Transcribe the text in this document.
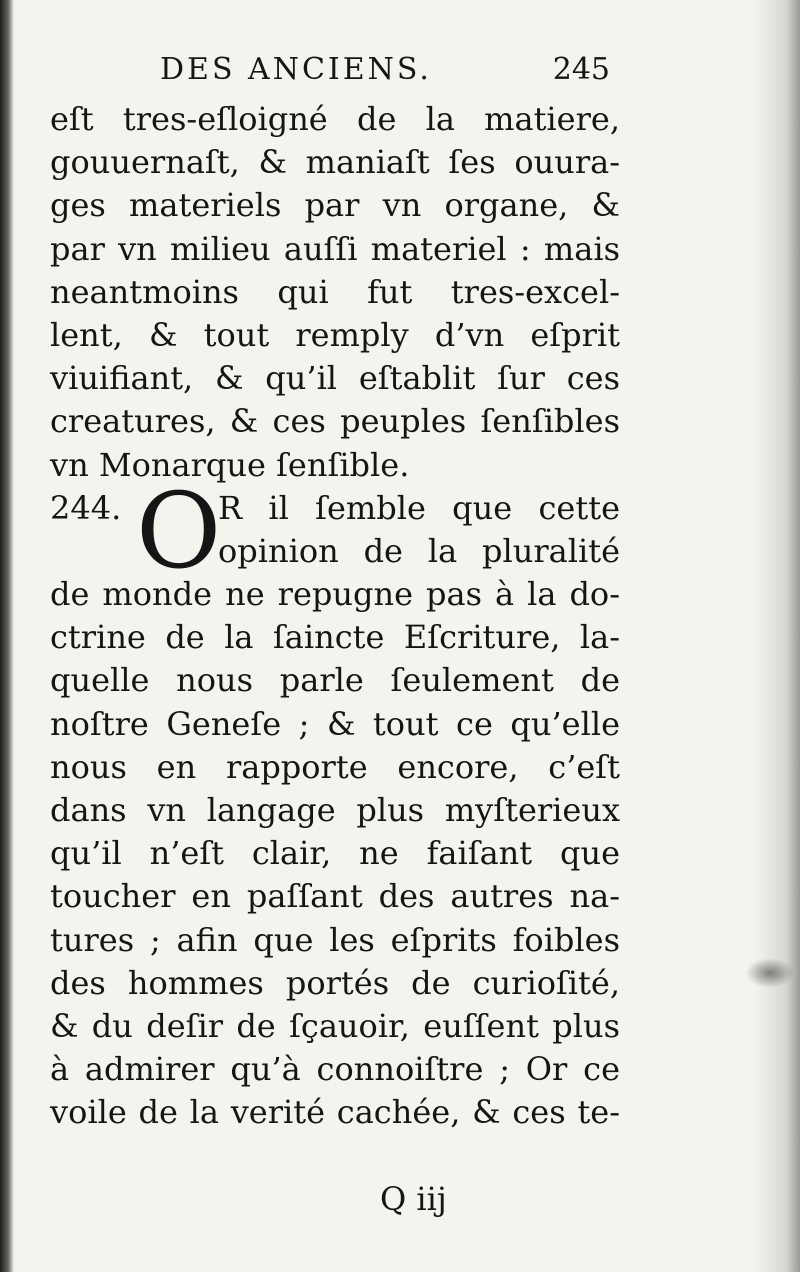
DES ANCIENS.	245
eſt tres-eſloigné de la matiere,
gouuernaſt, & maniaſt ſes ouura-
ges materiels par vn organe, &
par vn milieu auſſi materiel : mais
neantmoins qui fut tres-excel-
lent, & tout remply d’vn eſprit
viuifiant, & qu’il eſtablit ſur ces
creatures, & ces peuples ſenſibles
vn Monarque ſenſible.
244. O
R il ſemble que cette
opinion de la pluralité
de monde ne repugne pas à la do-
ctrine de la ſaincte Eſcriture, la-
quelle nous parle ſeulement de
noſtre Geneſe ; & tout ce qu’elle
nous en rapporte encore, c’eſt
dans vn langage plus myſterieux
qu’il n’eſt clair, ne faiſant que
toucher en paſſant des autres na-
tures ; afin que les eſprits foibles
des hommes portés de curioſité,
& du deſir de ſçauoir, euſſent plus
à admirer qu’à connoiſtre ; Or ce
voile de la verité cachée, & ces te-
Q iij
